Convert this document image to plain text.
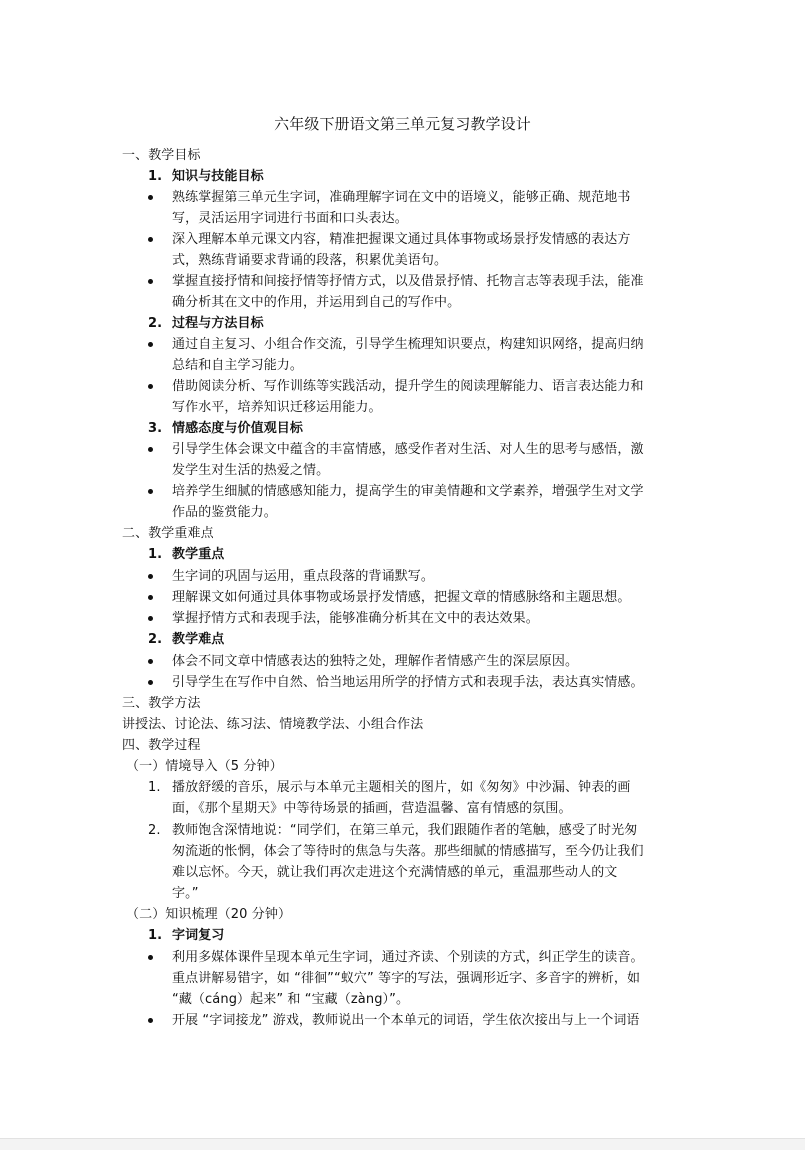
六年级下册语文第三单元复习教学设计
一、教学目标
1. 知识与技能目标
熟练掌握第三单元生字词，准确理解字词在文中的语境义，能够正确、规范地书
写，灵活运用字词进行书面和口头表达。
深入理解本单元课文内容，精准把握课文通过具体事物或场景抒发情感的表达方
式，熟练背诵要求背诵的段落，积累优美语句。
掌握直接抒情和间接抒情等抒情方式，以及借景抒情、托物言志等表现手法，能准
确分析其在文中的作用，并运用到自己的写作中。
2. 过程与方法目标
通过自主复习、小组合作交流，引导学生梳理知识要点，构建知识网络，提高归纳
总结和自主学习能力。
借助阅读分析、写作训练等实践活动，提升学生的阅读理解能力、语言表达能力和
写作水平，培养知识迁移运用能力。
3. 情感态度与价值观目标
引导学生体会课文中蕴含的丰富情感，感受作者对生活、对人生的思考与感悟，激
发学生对生活的热爱之情。
培养学生细腻的情感感知能力，提高学生的审美情趣和文学素养，增强学生对文学
作品的鉴赏能力。
二、教学重难点
1. 教学重点
生字词的巩固与运用，重点段落的背诵默写。
理解课文如何通过具体事物或场景抒发情感，把握文章的情感脉络和主题思想。
掌握抒情方式和表现手法，能够准确分析其在文中的表达效果。
2. 教学难点
体会不同文章中情感表达的独特之处，理解作者情感产生的深层原因。
引导学生在写作中自然、恰当地运用所学的抒情方式和表现手法，表达真实情感。
三、教学方法
讲授法、讨论法、练习法、情境教学法、小组合作法
四、教学过程
（一）情境导入（5 分钟）
1. 播放舒缓的音乐，展示与本单元主题相关的图片，如《匆匆》中沙漏、钟表的画
面，《那个星期天》中等待场景的插画，营造温馨、富有情感的氛围。
2. 教师饱含深情地说：“同学们，在第三单元，我们跟随作者的笔触，感受了时光匆
匆流逝的怅惘，体会了等待时的焦急与失落。那些细腻的情感描写，至今仍让我们
难以忘怀。今天，就让我们再次走进这个充满情感的单元，重温那些动人的文
字。”
（二）知识梳理（20 分钟）
1. 字词复习
利用多媒体课件呈现本单元生字词，通过齐读、个别读的方式，纠正学生的读音。
重点讲解易错字，如 “徘徊”“蚁穴” 等字的写法，强调形近字、多音字的辨析，如
“藏（cáng）起来” 和 “宝藏（zàng）”。
开展 “字词接龙” 游戏，教师说出一个本单元的词语，学生依次接出与上一个词语
